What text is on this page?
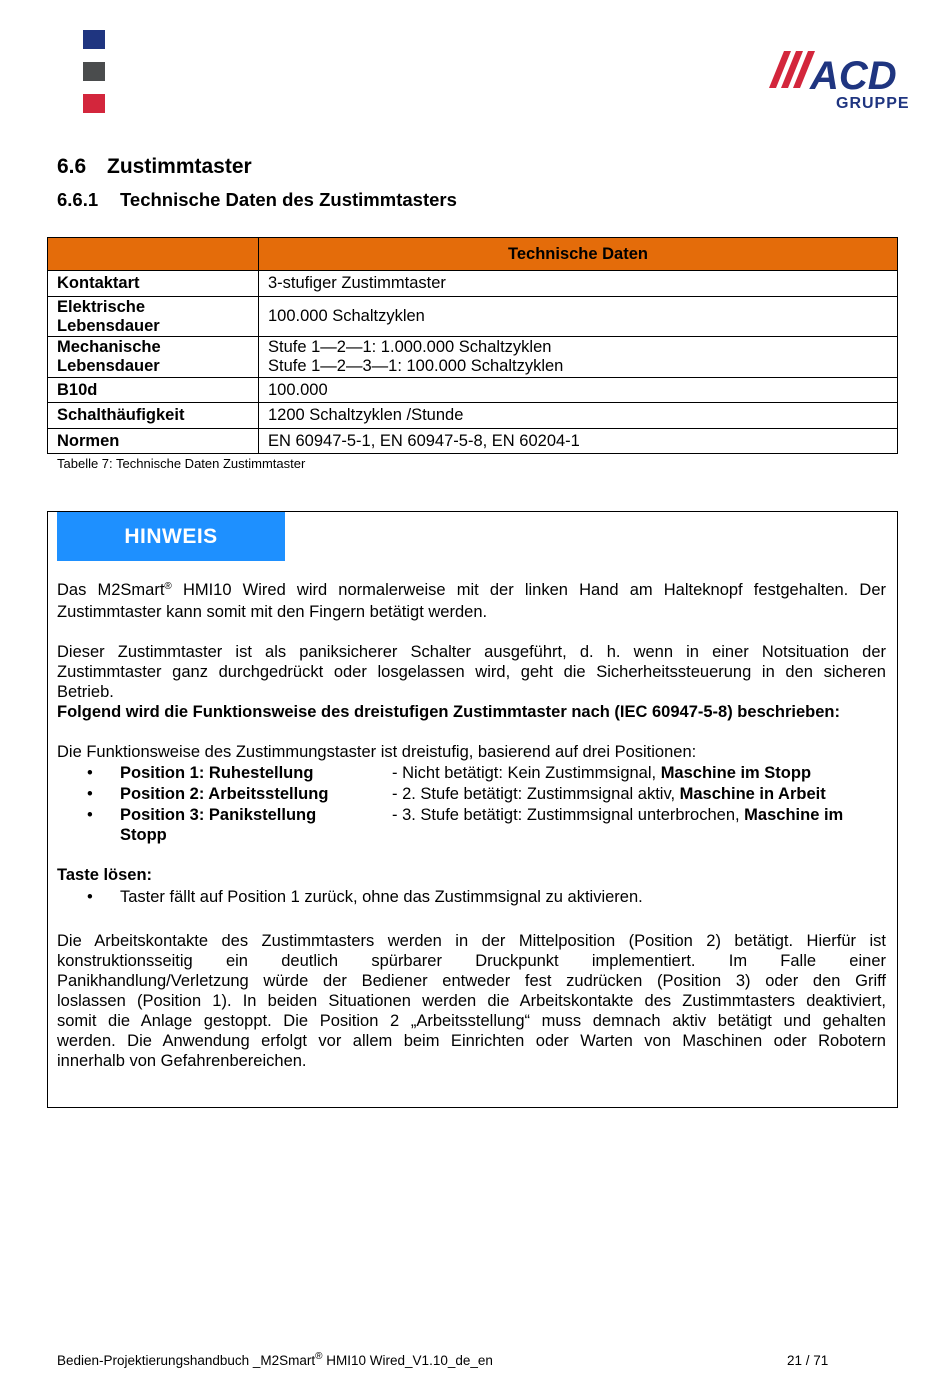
ACD
GRUPPE
6.6 Zustimmtaster
6.6.1 Technische Daten des Zustimmtasters
	Technische Daten
Kontaktart	3-stufiger Zustimmtaster
Elektrische
Lebensdauer	100.000 Schaltzyklen
Mechanische
Lebensdauer	Stufe 1—2—1: 1.000.000 Schaltzyklen
Stufe 1—2—3—1: 100.000 Schaltzyklen
B10d	100.000
Schalthäufigkeit	1200 Schaltzyklen /Stunde
Normen	EN 60947-5-1, EN 60947-5-8, EN 60204-1
Tabelle 7: Technische Daten Zustimmtaster
HINWEIS
Das M2Smart® HMI10 Wired wird normalerweise mit der linken Hand am Halteknopf festgehalten. Der
Zustimmtaster kann somit mit den Fingern betätigt werden.
Dieser Zustimmtaster ist als paniksicherer Schalter ausgeführt, d. h. wenn in einer Notsituation der
Zustimmtaster ganz durchgedrückt oder losgelassen wird, geht die Sicherheitssteuerung in den sicheren
Betrieb.
Folgend wird die Funktionsweise des dreistufigen Zustimmtaster nach (IEC 60947-5-8) beschrieben:
Die Funktionsweise des Zustimmungstaster ist dreistufig, basierend auf drei Positionen:
• Position 1: Ruhestellung	- Nicht betätigt: Kein Zustimmsignal, Maschine im Stopp
• Position 2: Arbeitsstellung	- 2. Stufe betätigt: Zustimmsignal aktiv, Maschine in Arbeit
• Position 3: Panikstellung	- 3. Stufe betätigt: Zustimmsignal unterbrochen, Maschine im
Stopp
Taste lösen:
• Taster fällt auf Position 1 zurück, ohne das Zustimmsignal zu aktivieren.
Die Arbeitskontakte des Zustimmtasters werden in der Mittelposition (Position 2) betätigt. Hierfür ist
konstruktionsseitig ein deutlich spürbarer Druckpunkt implementiert. Im Falle einer
Panikhandlung/Verletzung würde der Bediener entweder fest zudrücken (Position 3) oder den Griff
loslassen (Position 1). In beiden Situationen werden die Arbeitskontakte des Zustimmtasters deaktiviert,
somit die Anlage gestoppt. Die Position 2 „Arbeitsstellung“ muss demnach aktiv betätigt und gehalten
werden. Die Anwendung erfolgt vor allem beim Einrichten oder Warten von Maschinen oder Robotern
innerhalb von Gefahrenbereichen.
Bedien-Projektierungshandbuch _M2Smart® HMI10 Wired_V1.10_de_en	21 / 71
